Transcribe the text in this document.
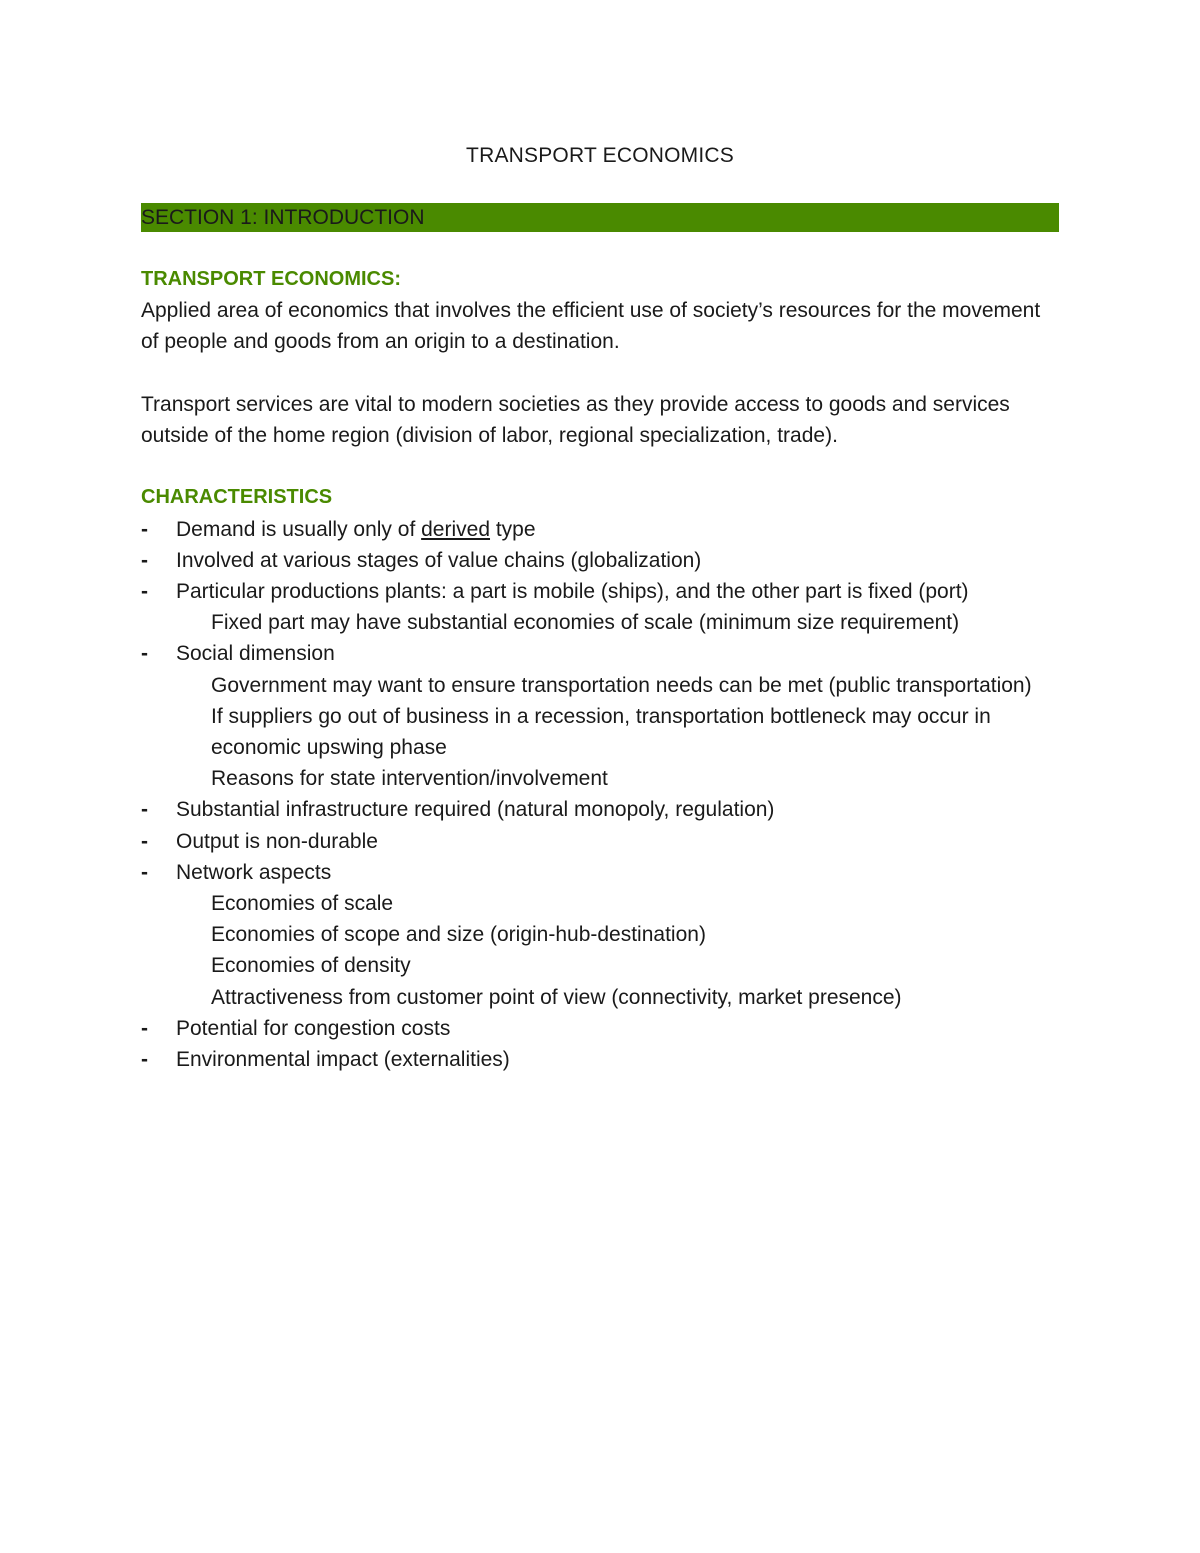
TRANSPORT ECONOMICS
SECTION 1: INTRODUCTION

TRANSPORT ECONOMICS:

Applied area of economics that involves the efficient use of society’s resources for the movement of people and goods from an origin to a destination.

Transport services are vital to modern societies as they provide access to goods and services outside of the home region (division of labor, regional specialization, trade).

CHARACTERISTICS

- Demand is usually only of derived type
- Involved at various stages of value chains (globalization)
- Particular productions plants: a part is mobile (ships), and the other part is fixed (port)

Fixed part may have substantial economies of scale (minimum size requirement)

- Social dimension

Government may want to ensure transportation needs can be met (public transportation)

If suppliers go out of business in a recession, transportation bottleneck may occur in economic upswing phase

Reasons for state intervention/involvement

- Substantial infrastructure required (natural monopoly, regulation)
- Output is non-durable
- Network aspects

Economies of scale

Economies of scope and size (origin-hub-destination)

Economies of density

Attractiveness from customer point of view (connectivity, market presence)

- Potential for congestion costs
- Environmental impact (externalities)
